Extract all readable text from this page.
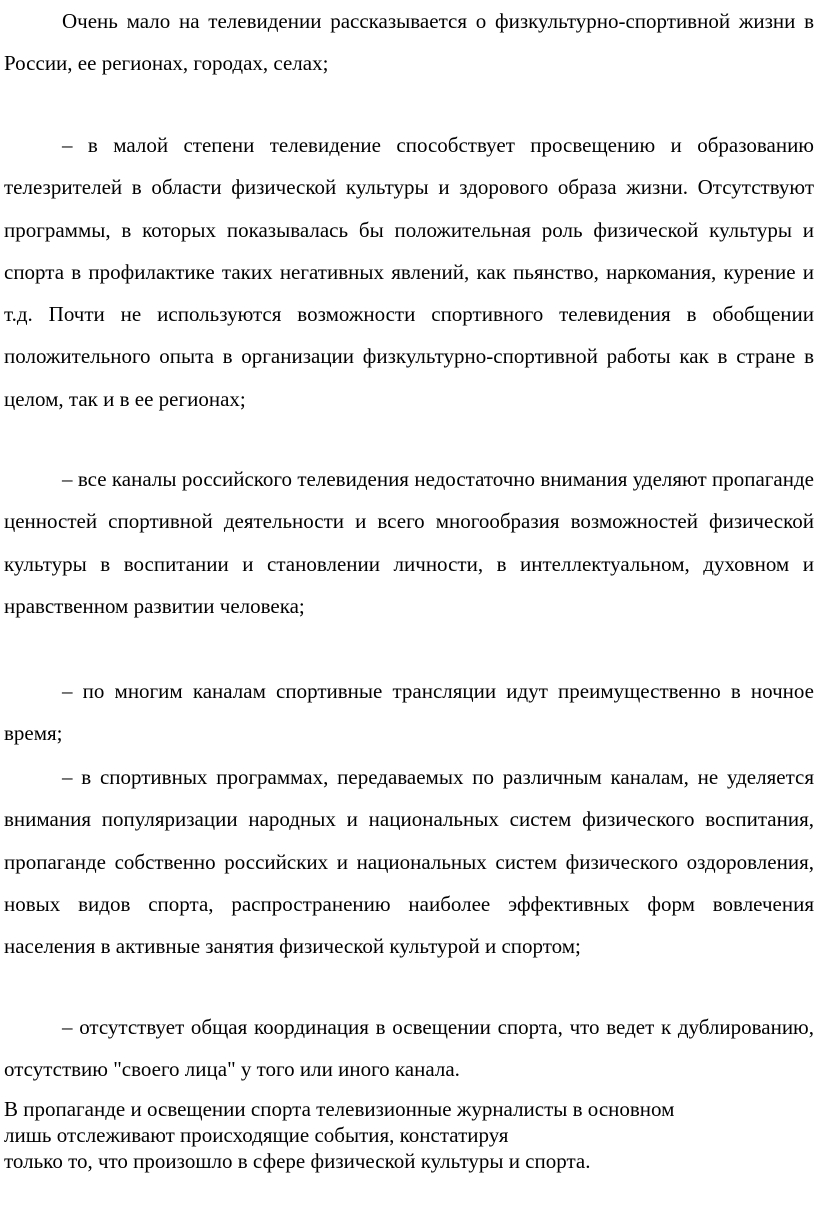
Очень мало на телевидении рассказывается о физкультурно-спортивной жизни в России, ее регионах, городах, селах;

– в малой степени телевидение способствует просвещению и образованию телезрителей в области физической культуры и здорового образа жизни. Отсутствуют программы, в которых показывалась бы положительная роль физической культуры и спорта в профилактике таких негативных явлений, как пьянство, наркомания, курение и т.д. Почти не используются возможности спортивного телевидения в обобщении положительного опыта в организации физкультурно-спортивной работы как в стране в целом, так и в ее регионах;

– все каналы российского телевидения недостаточно внимания уделяют пропаганде ценностей спортивной деятельности и всего многообразия возможностей физической культуры в воспитании и становлении личности, в интеллектуальном, духовном и нравственном развитии человека;

– по многим каналам спортивные трансляции идут преимущественно в ночное время;

– в спортивных программах, передаваемых по различным каналам, не уделяется внимания популяризации народных и национальных систем физического воспитания, пропаганде собственно российских и национальных систем физического оздоровления, новых видов спорта, распространению наиболее эффективных форм вовлечения населения в активные занятия физической культурой и спортом;

– отсутствует общая координация в освещении спорта, что ведет к дублированию, отсутствию "своего лица" у того или иного канала.

В пропаганде и освещении спорта телевизионные журналисты в основном
лишь отслеживают происходящие события, констатируя
только то, что произошло в сфере физической культуры и спорта.
